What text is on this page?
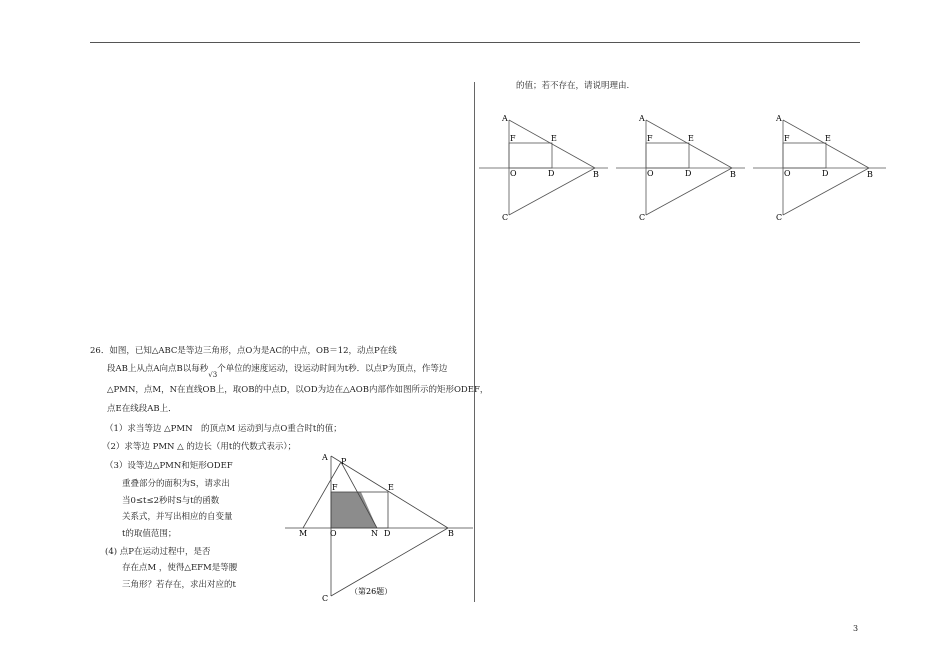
的值；若不存在，请说明理由.
A
F	E
O	D	B
C
A
F	E
O	D	B
C
A
F	E
O	D	B
C
26．如图，已知△ABC是等边三角形，点O为是AC的中点，OB＝12，动点P在线
段AB上从点A向点B以每秒$_{√3}$个单位的速度运动，设运动时间为t秒．以点P为顶点，作等边
△PMN，点M，N在直线OB上，取OB的中点D，以OD为边在△AOB内部作如图所示的矩形ODEF，
点E在线段AB上．
（1）求当等边 △PMN　的顶点M 运动到与点O重合时t的值；
（2）求等边 PMN △ 的边长（用t的代数式表示）；
（3）设等边△PMN和矩形ODEF
重叠部分的面积为S，请求出
当0≤t≤2秒时S与t的函数
关系式，并写出相应的自变量
t的取值范围；
(4) 点P在运动过程中，是否
存在点M ，使得△EFM是等腰
三角形？若存在，求出对应的t
A P
F	E
M	O	N D	B
C
（第26题）
3
